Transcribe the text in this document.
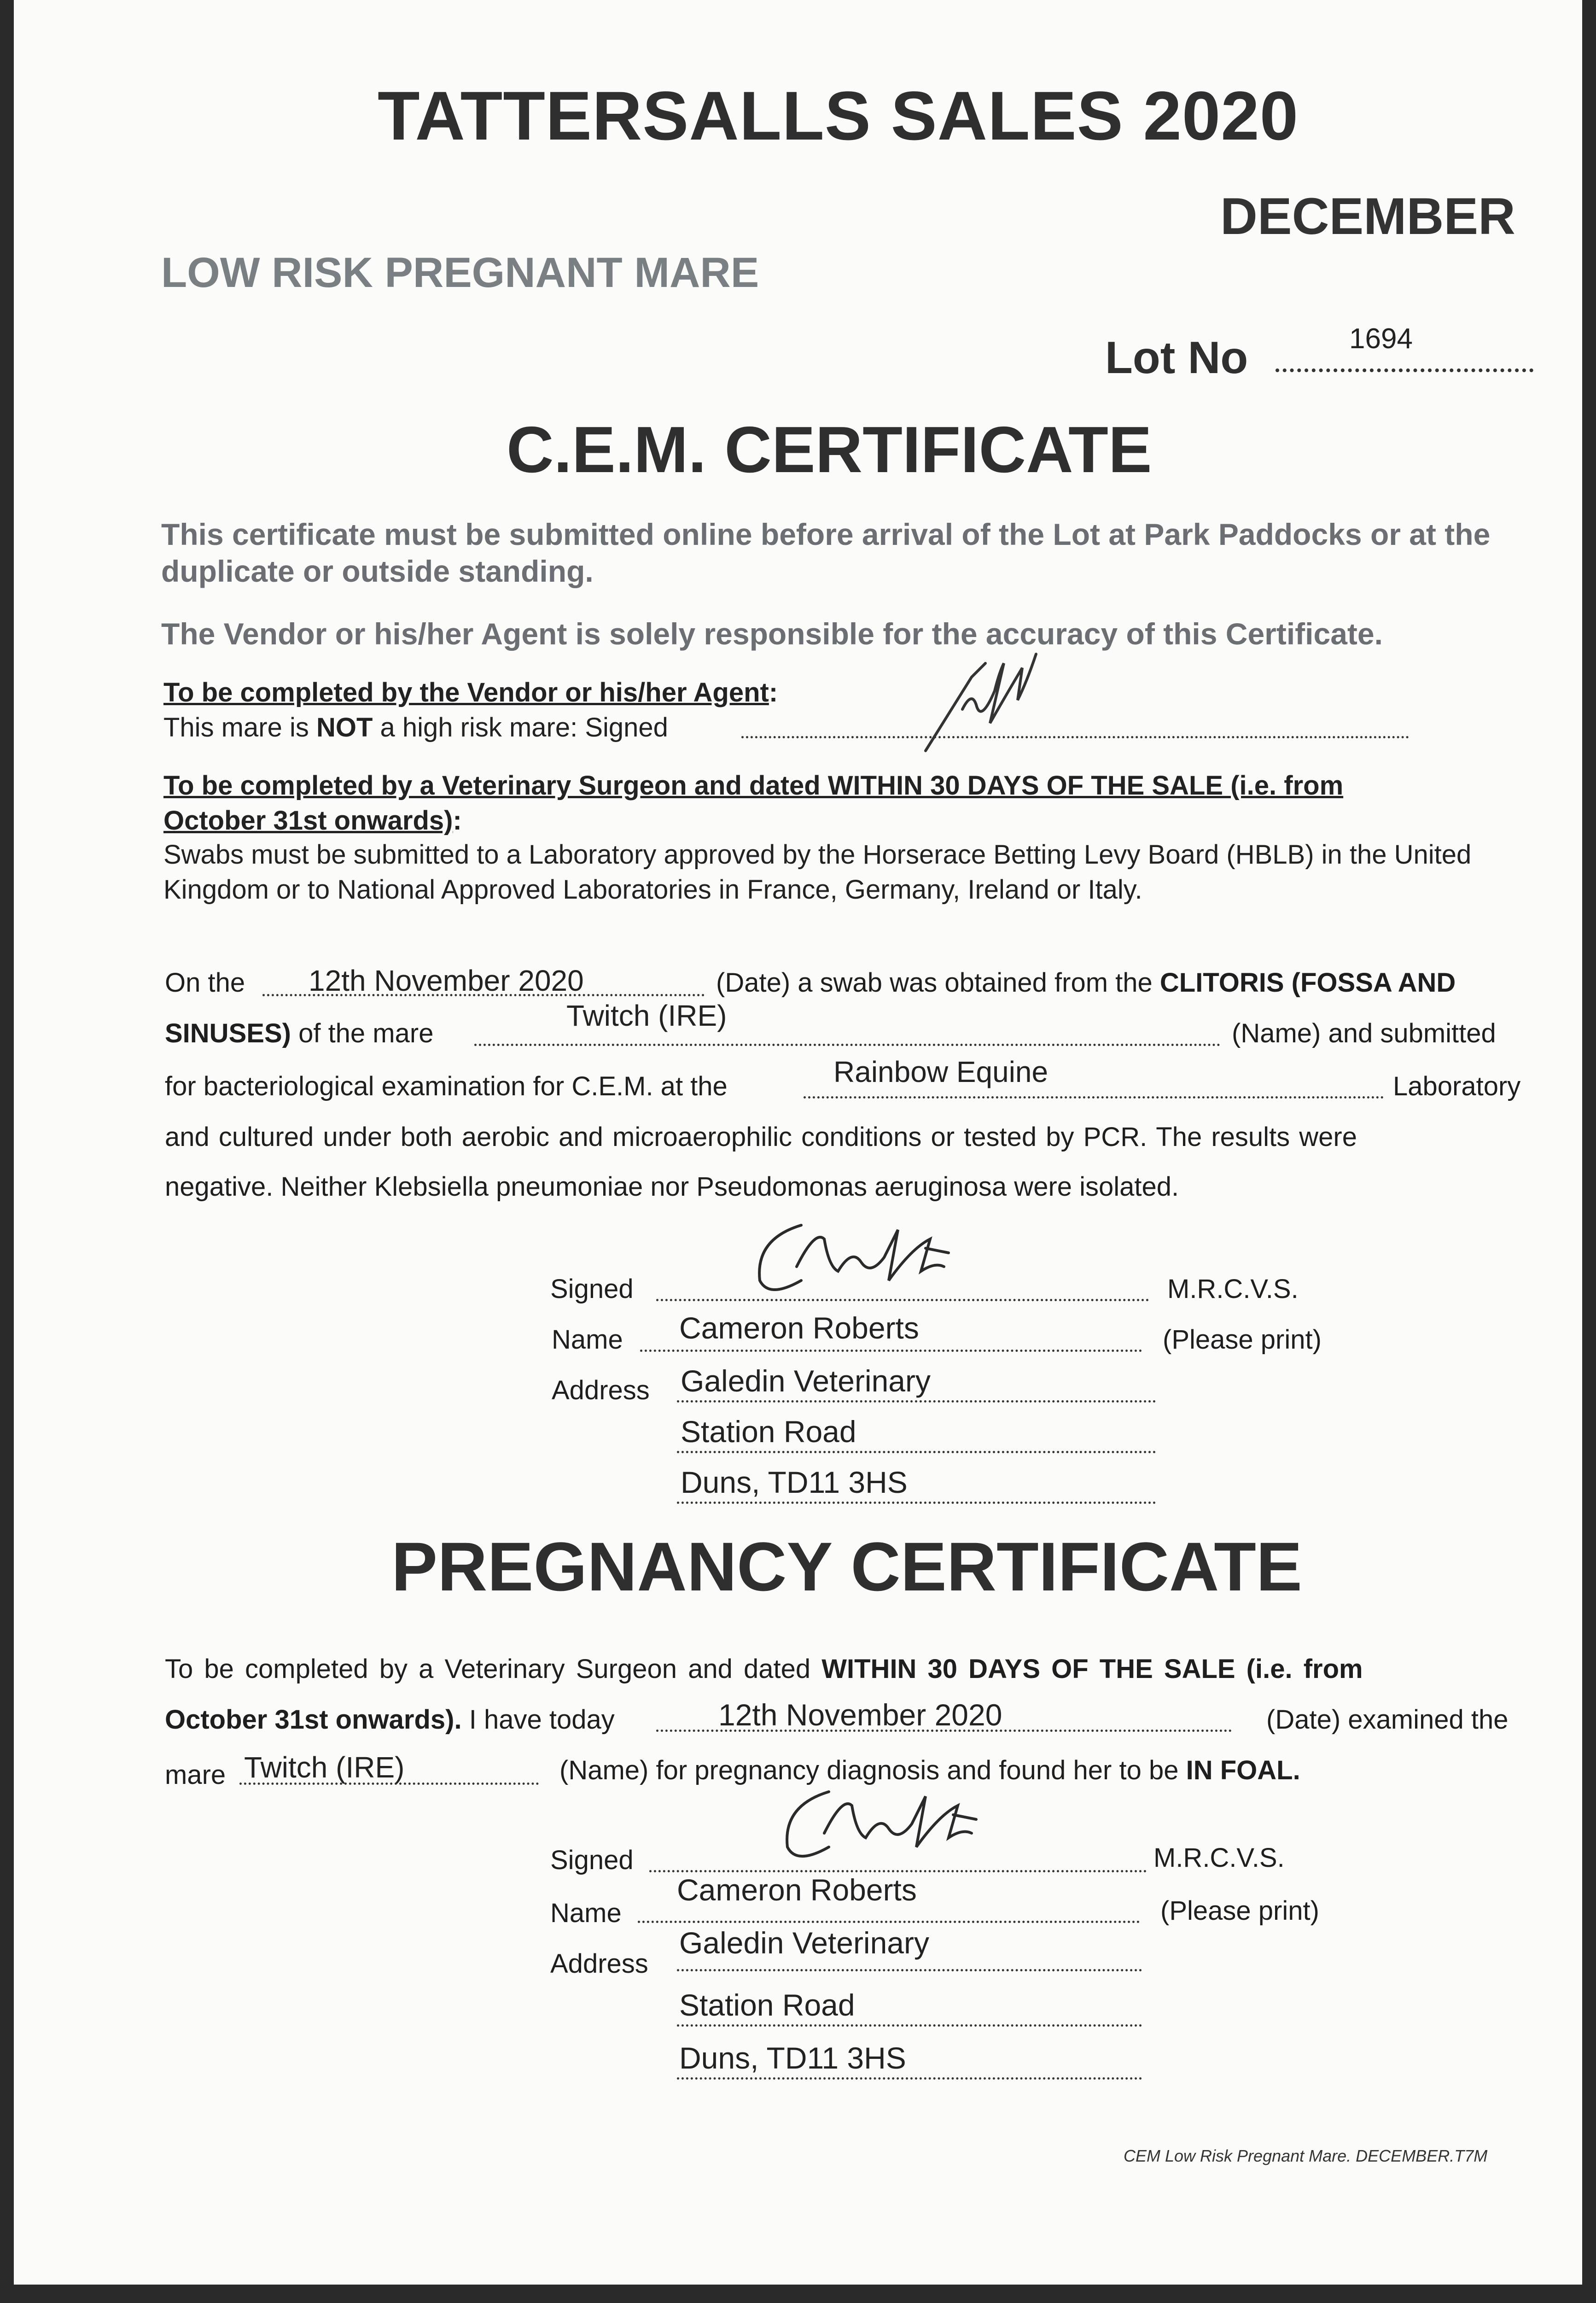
TATTERSALLS SALES 2020
DECEMBER
LOW RISK PREGNANT MARE
Lot No	1694
C.E.M. CERTIFICATE
This certificate must be submitted online before arrival of the Lot at Park Paddocks or at the duplicate or outside standing.
The Vendor or his/her Agent is solely responsible for the accuracy of this Certificate.
To be completed by the Vendor or his/her Agent:
This mare is NOT a high risk mare: Signed
To be completed by a Veterinary Surgeon and dated WITHIN 30 DAYS OF THE SALE (i.e. from
October 31st onwards):
Swabs must be submitted to a Laboratory approved by the Horserace Betting Levy Board (HBLB) in the United Kingdom or to National Approved Laboratories in France, Germany, Ireland or Italy.
On the 12th November 2020	(Date) a swab was obtained from the CLITORIS (FOSSA AND
SINUSES) of the mare
Twitch (IRE)
(Name) and submitted
for bacteriological examination for C.E.M. at the	Rainbow Equine	Laboratory
and cultured under both aerobic and microaerophilic conditions or tested by PCR. The results were
negative. Neither Klebsiella pneumoniae nor Pseudomonas aeruginosa were isolated.
Signed	M.R.C.V.S.
Name Cameron Roberts	(Please print)
Address Galedin Veterinary
Station Road
Duns, TD11 3HS
PREGNANCY CERTIFICATE
To be completed by a Veterinary Surgeon and dated WITHIN 30 DAYS OF THE SALE (i.e. from
October 31st onwards). I have today	12th November 2020	(Date) examined the
mare Twitch (IRE)	(Name) for pregnancy diagnosis and found her to be IN FOAL.
Signed	M.R.C.V.S.
Name
Cameron Roberts
(Please print)
Address
Galedin Veterinary
Station Road
Duns, TD11 3HS
CEM Low Risk Pregnant Mare. DECEMBER.T7M
